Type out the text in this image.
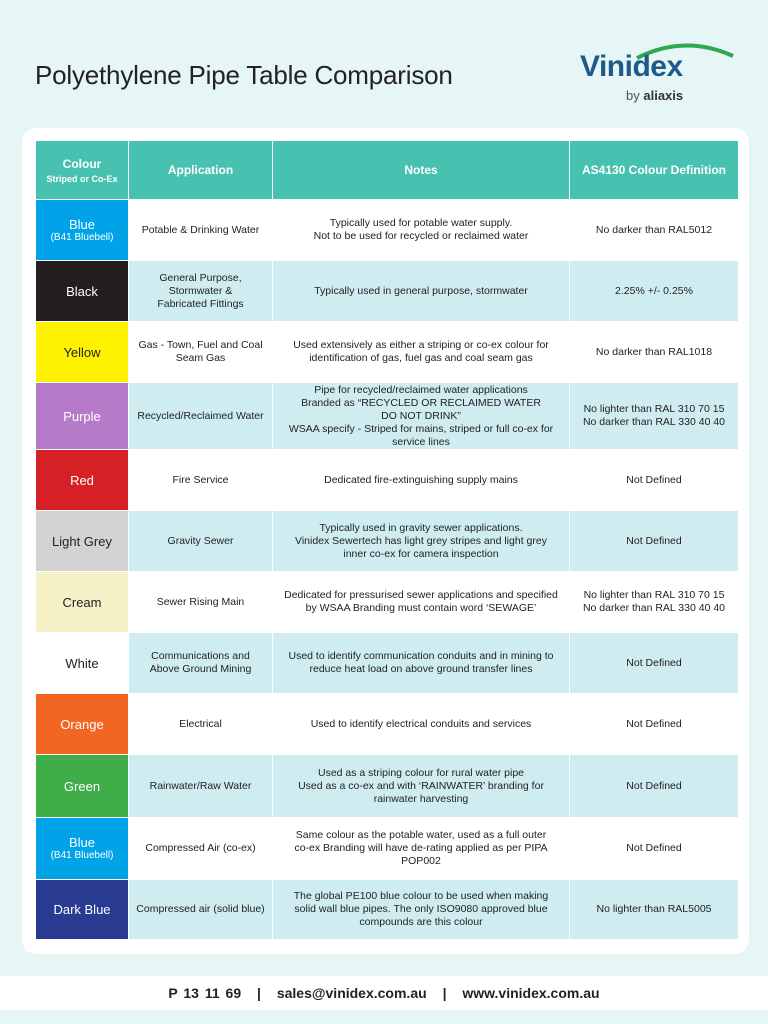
Polyethylene Pipe Table Comparison	Vinidex
by aliaxis
Colour
Striped or Co-Ex	Application	Notes	AS4130 Colour Definition
Blue
(B41 Bluebell)	Potable & Drinking Water	Typically used for potable water supply.
Not to be used for recycled or reclaimed water	No darker than RAL5012
Black	General Purpose,
Stormwater &
Fabricated Fittings	Typically used in general purpose, stormwater	2.25% +/- 0.25%
Yellow	Gas - Town, Fuel and Coal
Seam Gas	Used extensively as either a striping or co-ex colour for
identification of gas, fuel gas and coal seam gas	No darker than RAL1018
Purple	Recycled/Reclaimed Water	Pipe for recycled/reclaimed water applications
Branded as “RECYCLED OR RECLAIMED WATER
DO NOT DRINK”
WSAA specify - Striped for mains, striped or full co-ex for
service lines	No lighter than RAL 310 70 15
No darker than RAL 330 40 40
Red	Fire Service	Dedicated fire-extinguishing supply mains	Not Defined
Light Grey	Gravity Sewer	Typically used in gravity sewer applications.
Vinidex Sewertech has light grey stripes and light grey
inner co-ex for camera inspection	Not Defined
Cream	Sewer Rising Main	Dedicated for pressurised sewer applications and specified
by WSAA Branding must contain word ‘SEWAGE’	No lighter than RAL 310 70 15
No darker than RAL 330 40 40
White	Communications and
Above Ground Mining	Used to identify communication conduits and in mining to
reduce heat load on above ground transfer lines	Not Defined
Orange	Electrical	Used to identify electrical conduits and services	Not Defined
Green	Rainwater/Raw Water	Used as a striping colour for rural water pipe
Used as a co-ex and with ‘RAINWATER’ branding for
rainwater harvesting	Not Defined
Blue
(B41 Bluebell)	Compressed Air (co-ex)	Same colour as the potable water, used as a full outer
co-ex Branding will have de-rating applied as per PIPA
POP002	Not Defined
Dark Blue	Compressed air (solid blue)	The global PE100 blue colour to be used when making
solid wall blue pipes. The only ISO9080 approved blue
compounds are this colour	No lighter than RAL5005
P 13 11 69 | sales@vinidex.com.au | www.vinidex.com.au
